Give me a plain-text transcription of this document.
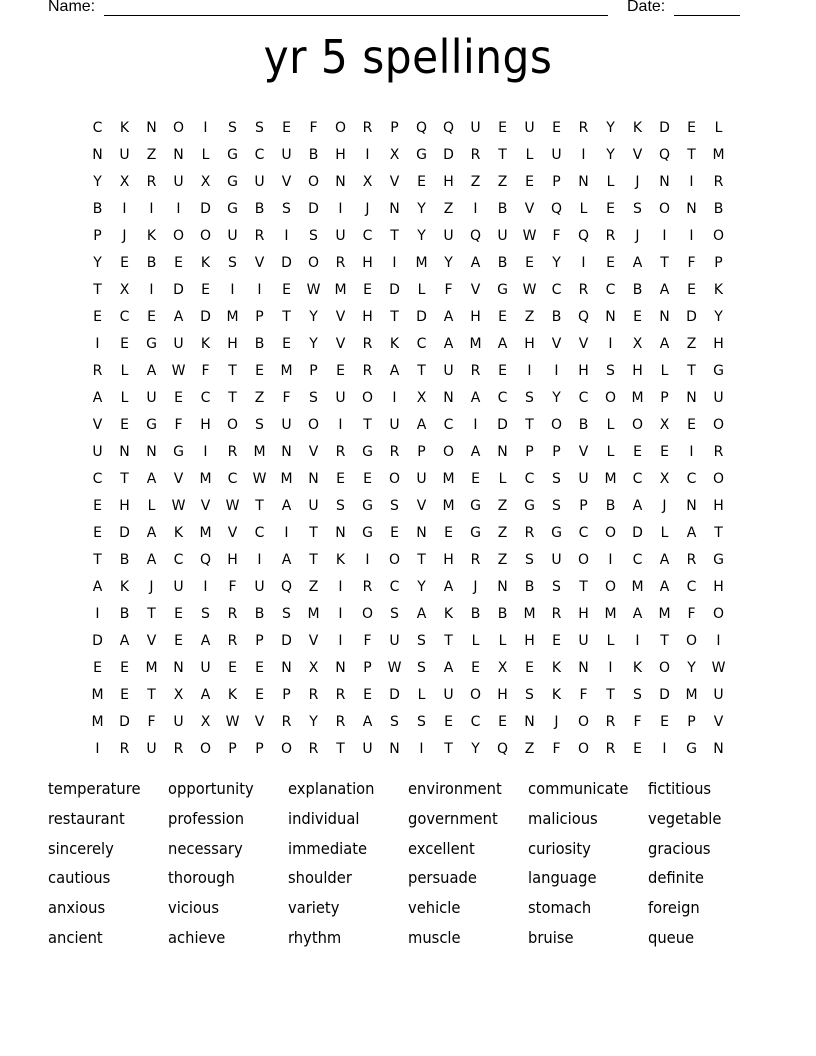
Name:	Date:
yr 5 spellings
C	K	N	O	I	S	S	E	F	O	R	P	Q	Q	U	E	U	E	R	Y	K	D	E	L
N	U	Z	N	L	G	C	U	B	H	I	X	G	D	R	T	L	U	I	Y	V	Q	T	M
Y	X	R	U	X	G	U	V	O	N	X	V	E	H	Z	Z	E	P	N	L	J	N	I	R
B	I	I	I	D	G	B	S	D	I	J	N	Y	Z	I	B	V	Q	L	E	S	O	N	B
P	J	K	O	O	U	R	I	S	U	C	T	Y	U	Q	U	W	F	Q	R	J	I	I	O
Y	E	B	E	K	S	V	D	O	R	H	I	M	Y	A	B	E	Y	I	E	A	T	F	P
T	X	I	D	E	I	I	E	W	M	E	D	L	F	V	G	W	C	R	C	B	A	E	K
E	C	E	A	D	M	P	T	Y	V	H	T	D	A	H	E	Z	B	Q	N	E	N	D	Y
I	E	G	U	K	H	B	E	Y	V	R	K	C	A	M	A	H	V	V	I	X	A	Z	H
R	L	A	W	F	T	E	M	P	E	R	A	T	U	R	E	I	I	H	S	H	L	T	G
A	L	U	E	C	T	Z	F	S	U	O	I	X	N	A	C	S	Y	C	O	M	P	N	U
V	E	G	F	H	O	S	U	O	I	T	U	A	C	I	D	T	O	B	L	O	X	E	O
U	N	N	G	I	R	M	N	V	R	G	R	P	O	A	N	P	P	V	L	E	E	I	R
C	T	A	V	M	C	W	M	N	E	E	O	U	M	E	L	C	S	U	M	C	X	C	O
E	H	L	W	V	W	T	A	U	S	G	S	V	M	G	Z	G	S	P	B	A	J	N	H
E	D	A	K	M	V	C	I	T	N	G	E	N	E	G	Z	R	G	C	O	D	L	A	T
T	B	A	C	Q	H	I	A	T	K	I	O	T	H	R	Z	S	U	O	I	C	A	R	G
A	K	J	U	I	F	U	Q	Z	I	R	C	Y	A	J	N	B	S	T	O	M	A	C	H
I	B	T	E	S	R	B	S	M	I	O	S	A	K	B	B	M	R	H	M	A	M	F	O
D	A	V	E	A	R	P	D	V	I	F	U	S	T	L	L	H	E	U	L	I	T	O	I
E	E	M	N	U	E	E	N	X	N	P	W	S	A	E	X	E	K	N	I	K	O	Y	W
M	E	T	X	A	K	E	P	R	R	E	D	L	U	O	H	S	K	F	T	S	D	M	U
M	D	F	U	X	W	V	R	Y	R	A	S	S	E	C	E	N	J	O	R	F	E	P	V
I	R	U	R	O	P	P	O	R	T	U	N	I	T	Y	Q	Z	F	O	R	E	I	G	N
temperature	opportunity	explanation	environment	communicate	fictitious
restaurant	profession	individual	government	malicious	vegetable
sincerely	necessary	immediate	excellent	curiosity	gracious
cautious	thorough	shoulder	persuade	language	definite
anxious	vicious	variety	vehicle	stomach	foreign
ancient	achieve	rhythm	muscle	bruise	queue
